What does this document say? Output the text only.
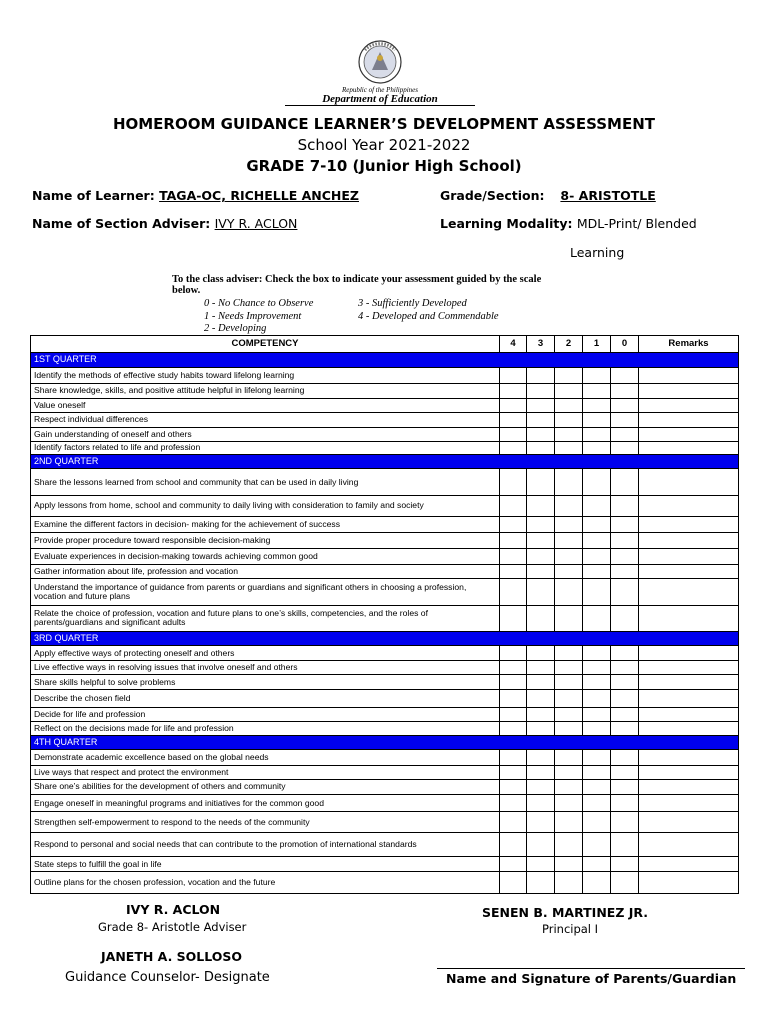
Republic of the Philippines
Department of Education
HOMEROOM GUIDANCE LEARNER’S DEVELOPMENT ASSESSMENT
School Year 2021-2022
GRADE 7-10 (Junior High School)
Name of Learner: TAGA-OC, RICHELLE ANCHEZ	Grade/Section: 8- ARISTOTLE
Name of Section Adviser: IVY R. ACLON	Learning Modality: MDL-Print/ Blended
Learning
To the class adviser: Check the box to indicate your assessment guided by the scale
below.
0 - No Chance to Observe
1 - Needs Improvement
2 - Developing
3 - Sufficiently Developed
4 - Developed and Commendable
COMPETENCY	4	3	2	1	0	Remarks
1ST QUARTER						
Identify the methods of effective study habits toward lifelong learning						
Share knowledge, skills, and positive attitude helpful in lifelong learning						
Value oneself						
Respect individual differences						
Gain understanding of oneself and others						
Identify factors related to life and profession						
2ND QUARTER						
Share the lessons learned from school and community that can be used in daily living						
Apply lessons from home, school and community to daily living with consideration to family and society						
Examine the different factors in decision- making for the achievement of success						
Provide proper procedure toward responsible decision-making						
Evaluate experiences in decision-making towards achieving common good						
Gather information about life, profession and vocation						
Understand the importance of guidance from parents or guardians and significant others in choosing a profession, vocation and future plans						
Relate the choice of profession, vocation and future plans to one’s skills, competencies, and the roles of parents/guardians and significant adults						
3RD QUARTER						
Apply effective ways of protecting oneself and others						
Live effective ways in resolving issues that involve oneself and others						
Share skills helpful to solve problems						
Describe the chosen field						
Decide for life and profession						
Reflect on the decisions made for life and profession						
4TH QUARTER						
Demonstrate academic excellence based on the global needs						
Live ways that respect and protect the environment						
Share one’s abilities for the development of others and community						
Engage oneself in meaningful programs and initiatives for the common good						
Strengthen self-empowerment to respond to the needs of the community						
Respond to personal and social needs that can contribute to the promotion of international standards						
State steps to fulfill the goal in life						
Outline plans for the chosen profession, vocation and the future						
IVY R. ACLON
Grade 8- Aristotle Adviser
SENEN B. MARTINEZ JR.
Principal I
JANETH A. SOLLOSO
Guidance Counselor- Designate	Name and Signature of Parents/Guardian
